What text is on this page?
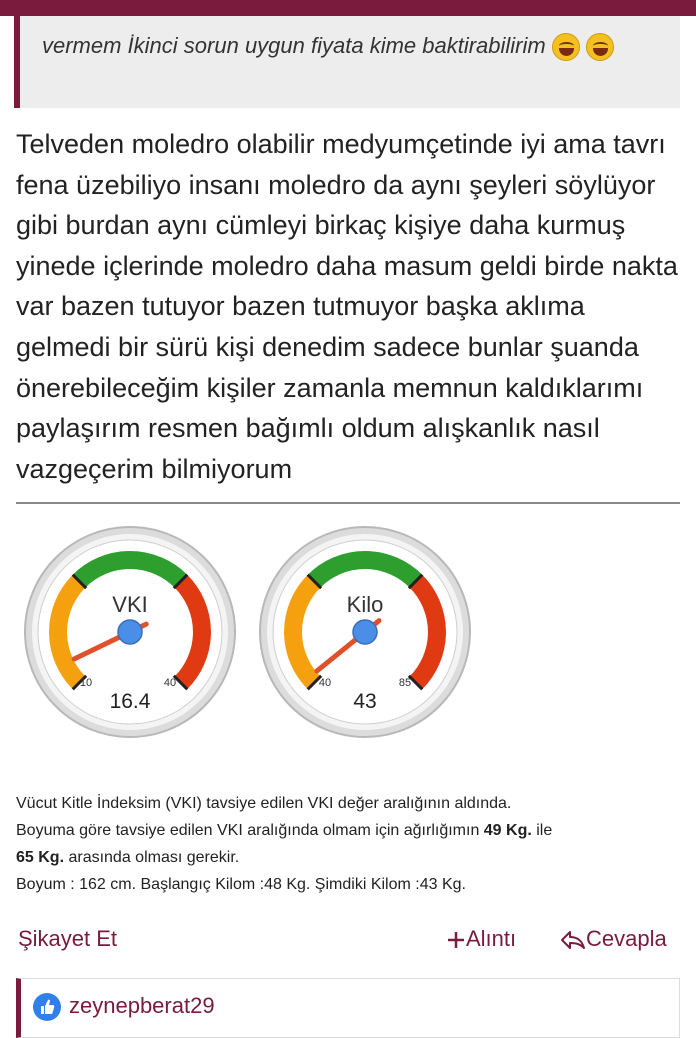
vermem İkinci sorun uygun fiyata kime baktirabilirim
Telveden moledro olabilir medyumçetinde iyi ama tavrı fena üzebiliyo insanı moledro da aynı şeyleri söylüyor gibi burdan aynı cümleyi birkaç kişiye daha kurmuş yinede içlerinde moledro daha masum geldi birde nakta var bazen tutuyor bazen tutmuyor başka aklıma gelmedi bir sürü kişi denedim sadece bunlar şuanda önerebileceğim kişiler zamanla memnun kaldıklarımı paylaşırım resmen bağımlı oldum alışkanlık nasıl vazgeçerim bilmiyorum
VKI
10	40
16.4
Kilo
40	85
43
Vücut Kitle İndeksim (VKI) tavsiye edilen VKI değer aralığının aldında.
Boyuma göre tavsiye edilen VKI aralığında olmam için ağırlığımın 49 Kg. ile
65 Kg. arasında olması gerekir.
Boyum : 162 cm. Başlangıç Kilom :48 Kg. Şimdiki Kilom :43 Kg.
Şikayet Et	Alıntı	Cevapla
zeynepberat29
